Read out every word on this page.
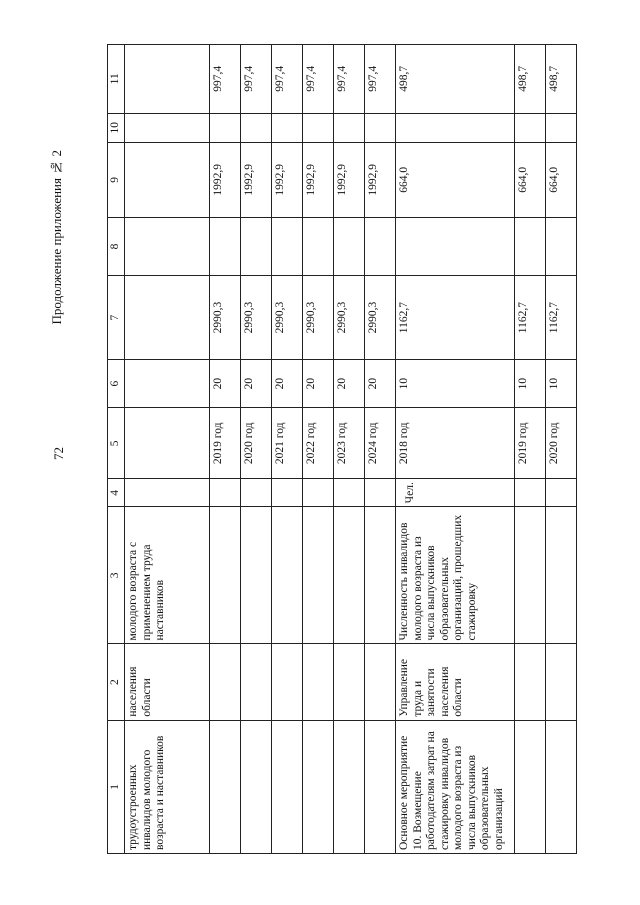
Продолжение приложения № 2
72
1	2	3	4	5	6	7	8	9	10	11
трудоустроенных инвалидов молодого возраста и наставников	населения области	молодого возраста с применением труда наставников								
				2019 год	20	2990,3		1992,9		997,4
				2020 год	20	2990,3		1992,9		997,4
				2021 год	20	2990,3		1992,9		997,4
				2022 год	20	2990,3		1992,9		997,4
				2023 год	20	2990,3		1992,9		997,4
				2024 год	20	2990,3		1992,9		997,4
Основное мероприятие 10. Возмещение работодателям затрат на стажировку инвалидов молодого возраста из числа выпускников образовательных организаций	Управление труда и занятости населения области	Численность инвалидов молодого возраста из числа выпускников образовательных организаций, прошедших стажировку	Чел.	2018 год	10	1162,7		664,0		498,7
				2019 год	10	1162,7		664,0		498,7
				2020 год	10	1162,7		664,0		498,7
